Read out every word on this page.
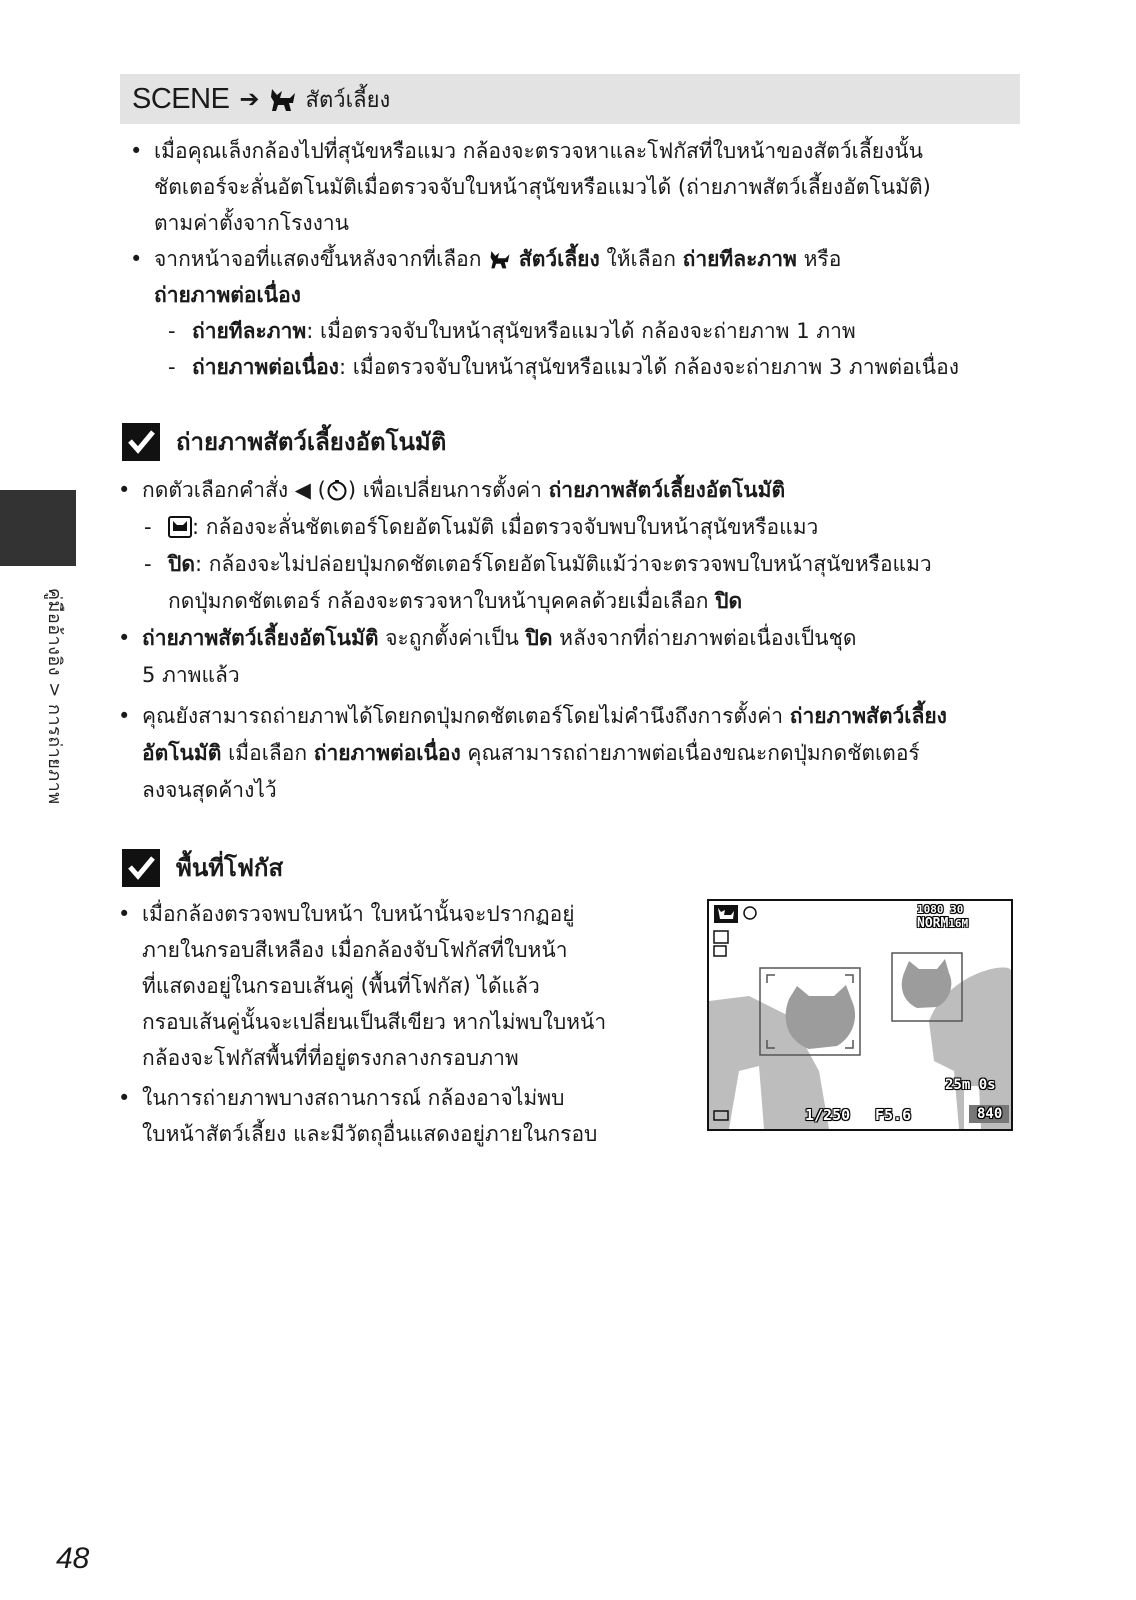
SCENE ➔ สัตว์เลี้ยง
คู่มืออ้างอิง > การถ่ายภาพ
• เมื่อคุณเล็งกล้องไปที่สุนัขหรือแมว กล้องจะตรวจหาและโฟกัสที่ใบหน้าของสัตว์เลี้ยงนั้น
ชัตเตอร์จะลั่นอัตโนมัติเมื่อตรวจจับใบหน้าสุนัขหรือแมวได้ (ถ่ายภาพสัตว์เลี้ยงอัตโนมัติ)
ตามค่าตั้งจากโรงงาน
• จากหน้าจอที่แสดงขึ้นหลังจากที่เลือก สัตว์เลี้ยง ให้เลือก ถ่ายทีละภาพ หรือ
ถ่ายภาพต่อเนื่อง
- ถ่ายทีละภาพ: เมื่อตรวจจับใบหน้าสุนัขหรือแมวได้ กล้องจะถ่ายภาพ 1 ภาพ
- ถ่ายภาพต่อเนื่อง: เมื่อตรวจจับใบหน้าสุนัขหรือแมวได้ กล้องจะถ่ายภาพ 3 ภาพต่อเนื่อง
ถ่ายภาพสัตว์เลี้ยงอัตโนมัติ
• กดตัวเลือกคำสั่ง ◀ ( ) เพื่อเปลี่ยนการตั้งค่า ถ่ายภาพสัตว์เลี้ยงอัตโนมัติ
- : กล้องจะลั่นชัตเตอร์โดยอัตโนมัติ เมื่อตรวจจับพบใบหน้าสุนัขหรือแมว
- ปิด: กล้องจะไม่ปล่อยปุ่มกดชัตเตอร์โดยอัตโนมัติแม้ว่าจะตรวจพบใบหน้าสุนัขหรือแมว
กดปุ่มกดชัตเตอร์ กล้องจะตรวจหาใบหน้าบุคคลด้วยเมื่อเลือก ปิด
• ถ่ายภาพสัตว์เลี้ยงอัตโนมัติ จะถูกตั้งค่าเป็น ปิด หลังจากที่ถ่ายภาพต่อเนื่องเป็นชุด
5 ภาพแล้ว
• คุณยังสามารถถ่ายภาพได้โดยกดปุ่มกดชัตเตอร์โดยไม่คำนึงถึงการตั้งค่า ถ่ายภาพสัตว์เลี้ยง
อัตโนมัติ เมื่อเลือก ถ่ายภาพต่อเนื่อง คุณสามารถถ่ายภาพต่อเนื่องขณะกดปุ่มกดชัตเตอร์
ลงจนสุดค้างไว้
พื้นที่โฟกัส
• เมื่อกล้องตรวจพบใบหน้า ใบหน้านั้นจะปรากฏอยู่
ภายในกรอบสีเหลือง เมื่อกล้องจับโฟกัสที่ใบหน้า
ที่แสดงอยู่ในกรอบเส้นคู่ (พื้นที่โฟกัส) ได้แล้ว
กรอบเส้นคู่นั้นจะเปลี่ยนเป็นสีเขียว หากไม่พบใบหน้า
กล้องจะโฟกัสพื้นที่ที่อยู่ตรงกลางกรอบภาพ
• ในการถ่ายภาพบางสถานการณ์ กล้องอาจไม่พบ
ใบหน้าสัตว์เลี้ยง และมีวัตถุอื่นแสดงอยู่ภายในกรอบ
1080 30 NORM16M
25m 0s
1/250 F5.6	840
48
